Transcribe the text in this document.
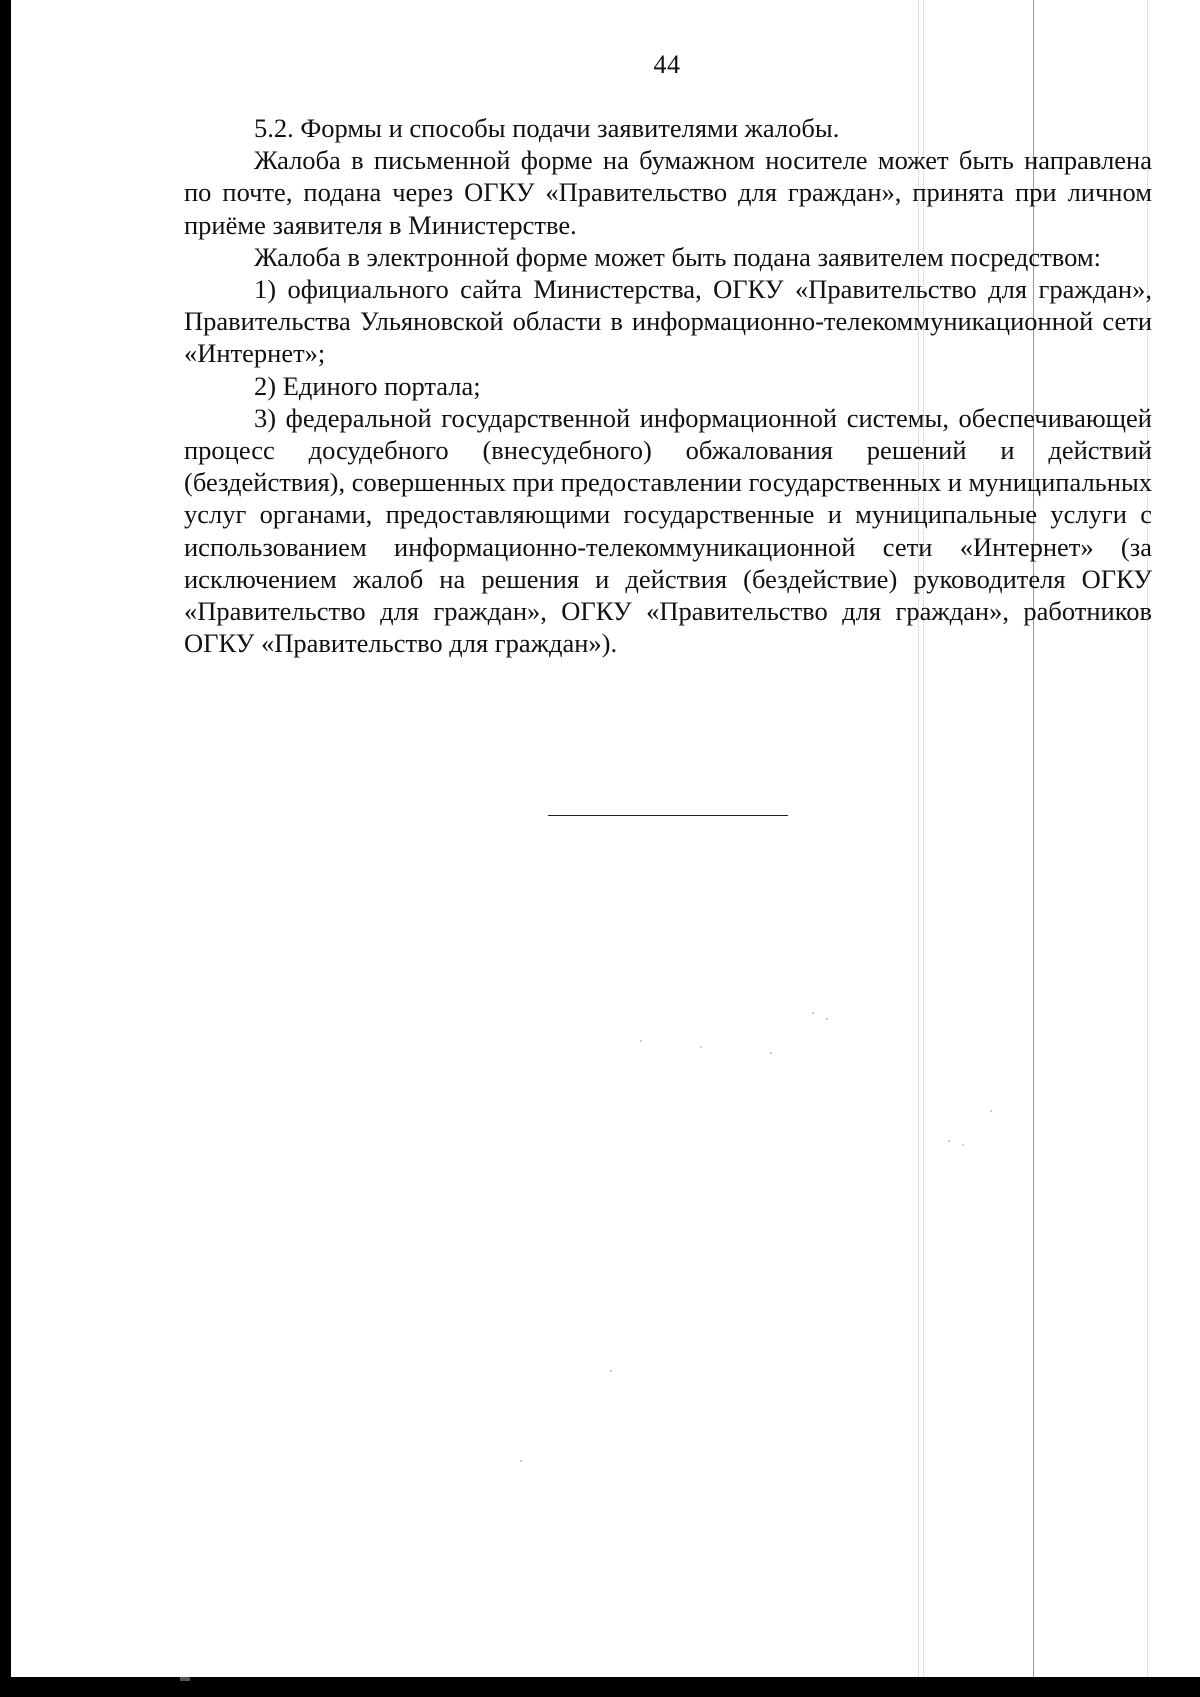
44

5.2. Формы и способы подачи заявителями жалобы.

Жалоба в письменной форме на бумажном носителе может быть направлена по почте, подана через ОГКУ «Правительство для граждан», принята при личном приёме заявителя в Министерстве.

Жалоба в электронной форме может быть подана заявителем посредством:

1) официального сайта Министерства, ОГКУ «Правительство для граждан», Правительства Ульяновской области в информационно-телекоммуникационной сети «Интернет»;

2) Единого портала;

3) федеральной государственной информационной системы, обеспечивающей процесс досудебного (внесудебного) обжалования решений и действий (бездействия), совершенных при предоставлении государственных и муниципальных услуг органами, предоставляющими государственные и муниципальные услуги с использованием информационно-телекоммуникационной сети «Интернет» (за исключением жалоб на решения и действия (бездействие) руководителя ОГКУ «Правительство для граждан», ОГКУ «Правительство для граждан», работников ОГКУ «Правительство для граждан»).
